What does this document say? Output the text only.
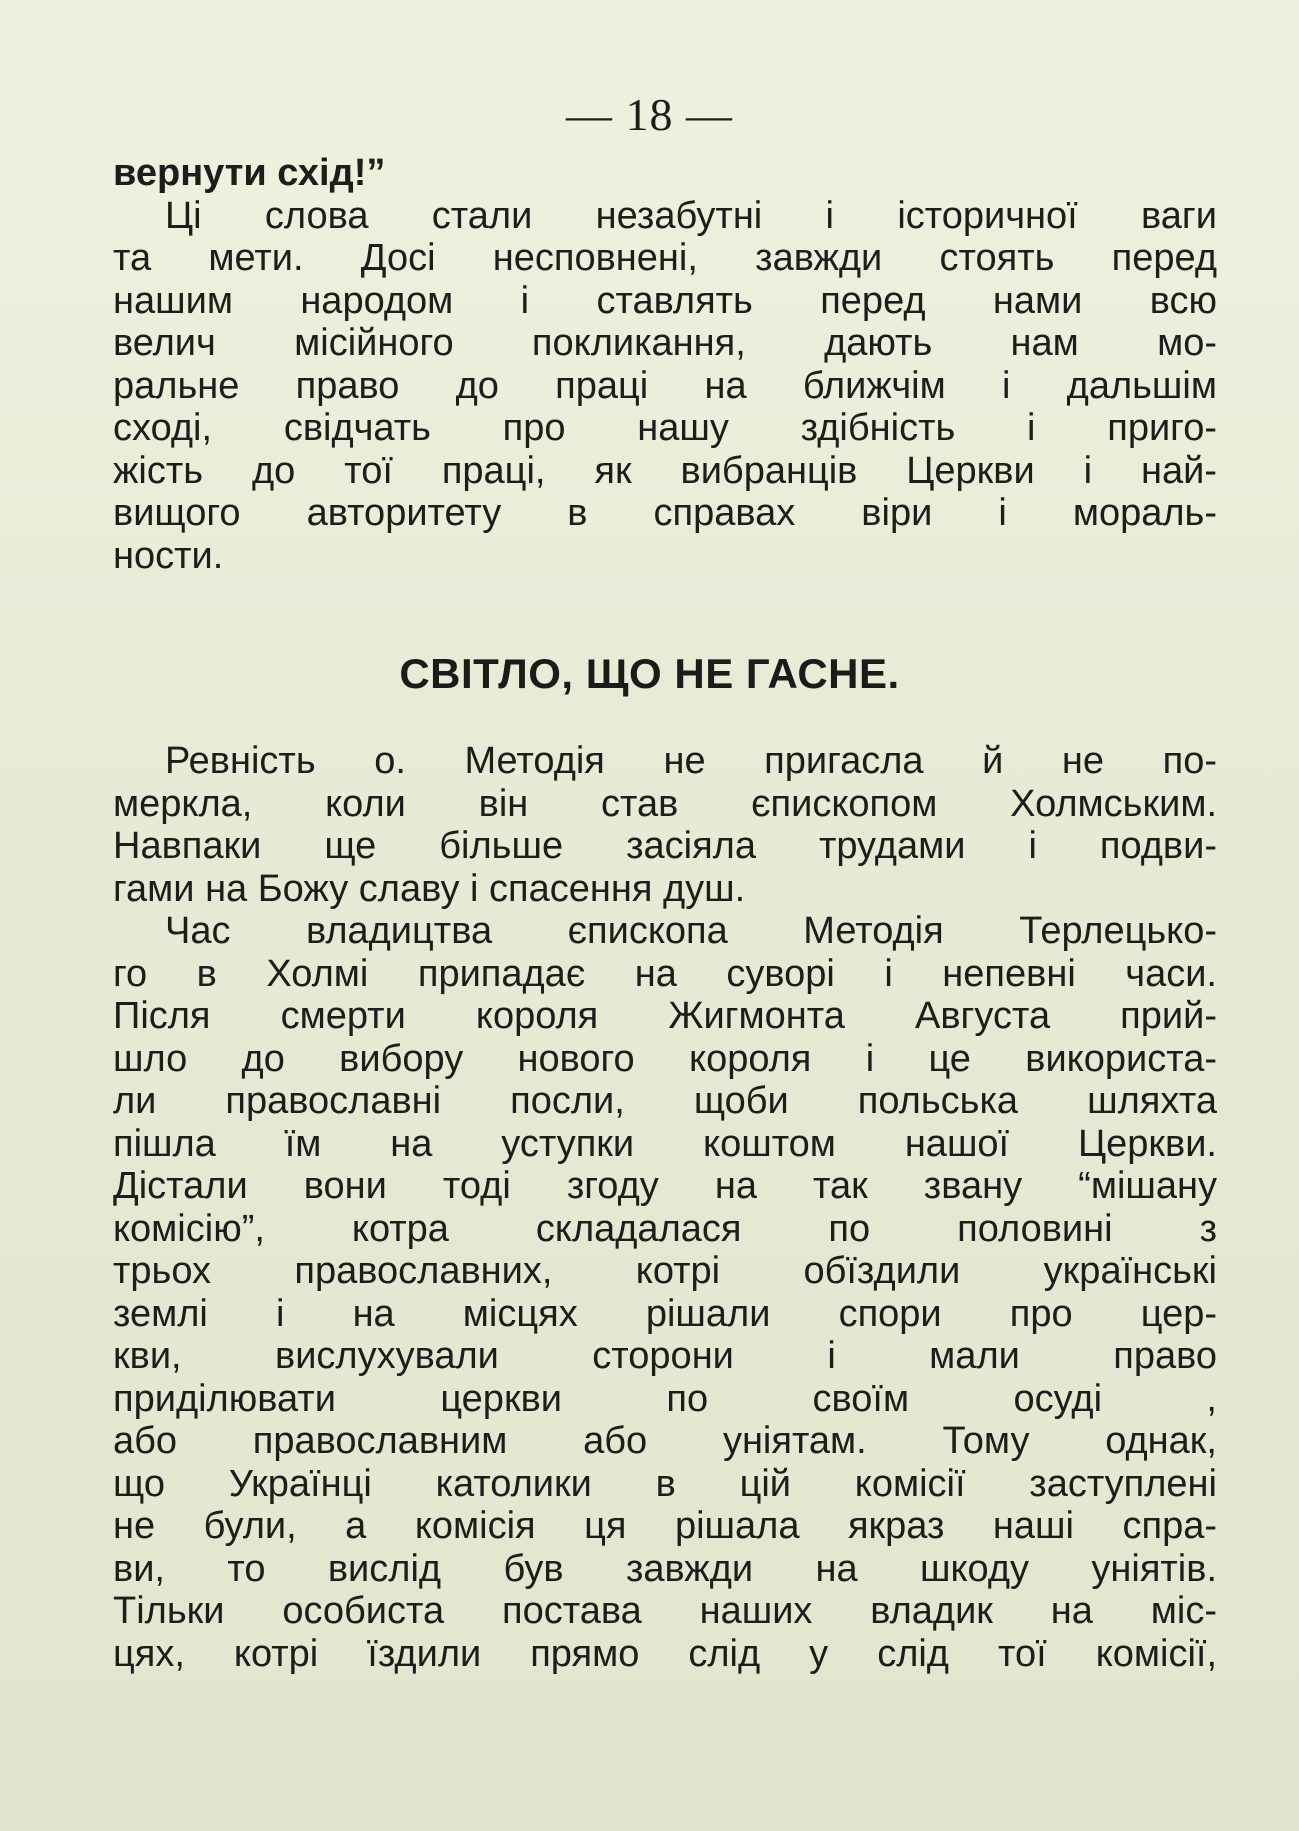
— 18 —
вернути схід!”
Ці слова стали незабутні і історичної ваги
та мети. Досі несповнені, завжди стоять перед
нашим народом і ставлять перед нами всю
велич місійного покликання, дають нам мо-
ральне право до праці на ближчім і дальшім
сході, свідчать про нашу здібність і приго-
жість до тої праці, як вибранців Церкви і най-
вищого авторитету в справах віри і мораль-
ности.
СВІТЛО, ЩО НЕ ГАСНЕ.
Ревність о. Методія не пригасла й не по-
меркла, коли він став єпископом Холмським.
Навпаки ще більше засіяла трудами і подви-
гами на Божу славу і спасення душ.
Час владицтва єпископа Методія Терлецько-
го в Холмі припадає на суворі і непевні часи.
Після смерти короля Жигмонта Августа прий-
шло до вибору нового короля і це використа-
ли православні посли, щоби польська шляхта
пішла їм на уступки коштом нашої Церкви.
Дістали вони тоді згоду на так звану “мішану
комісію”, котра складалася по половині з
трьох православних, котрі обїздили українські
землі і на місцях рішали спори про цер-
кви, вислухували сторони і мали право
приділювати церкви по своїм осуді ,
або православним або уніятам. Тому однак,
що Українці католики в цій комісії заступлені
не були, а комісія ця рішала якраз наші спра-
ви, то вислід був завжди на шкоду уніятів.
Тільки особиста постава наших владик на міс-
цях, котрі їздили прямо слід у слід тої комісії,
